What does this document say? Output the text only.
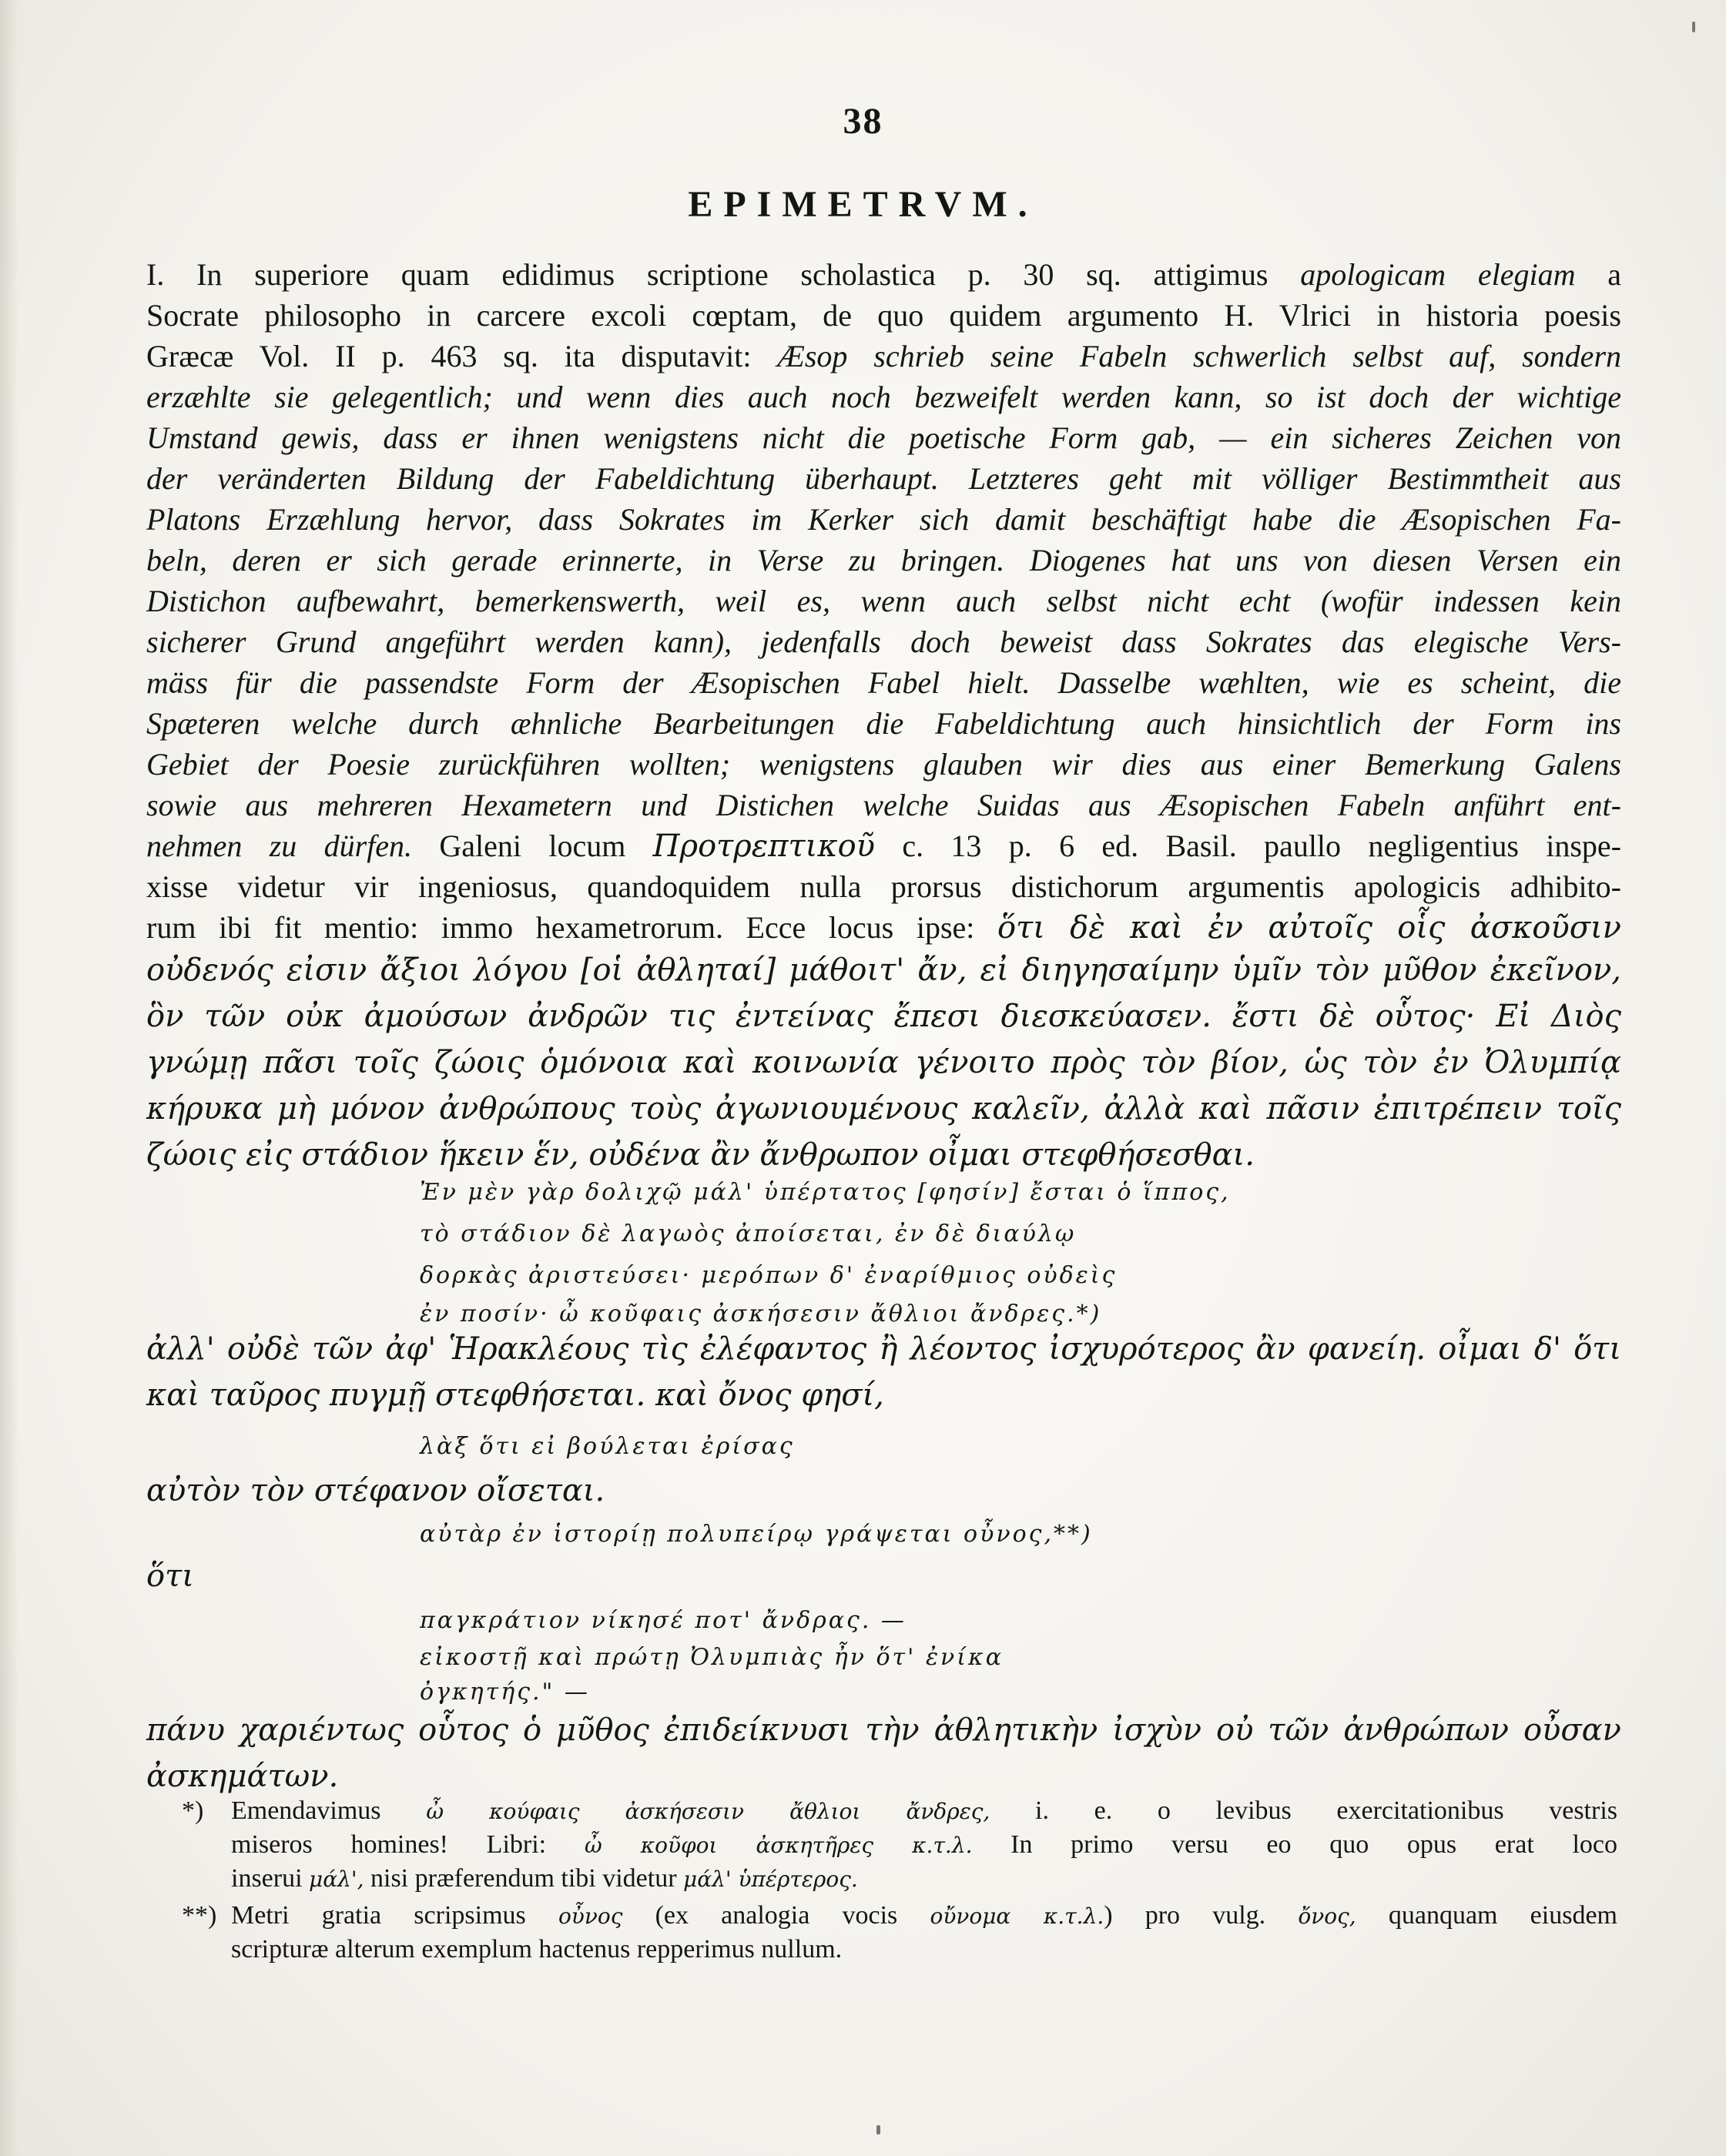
38
EPIMETRVM.
I. In superiore quam edidimus scriptione scholastica p. 30 sq. attigimus apologicam elegiam a
Socrate philosopho in carcere excoli cœptam, de quo quidem argumento H. Vlrici in historia poesis
Græcæ Vol. II p. 463 sq. ita disputavit: Æsop schrieb seine Fabeln schwerlich selbst auf, sondern
erzæhlte sie gelegentlich; und wenn dies auch noch bezweifelt werden kann, so ist doch der wichtige
Umstand gewis, dass er ihnen wenigstens nicht die poetische Form gab, — ein sicheres Zeichen von
der veränderten Bildung der Fabeldichtung überhaupt. Letzteres geht mit völliger Bestimmtheit aus
Platons Erzæhlung hervor, dass Sokrates im Kerker sich damit beschäftigt habe die Æsopischen Fa-
beln, deren er sich gerade erinnerte, in Verse zu bringen. Diogenes hat uns von diesen Versen ein
Distichon aufbewahrt, bemerkenswerth, weil es, wenn auch selbst nicht echt (wofür indessen kein
sicherer Grund angeführt werden kann), jedenfalls doch beweist dass Sokrates das elegische Vers-
mäss für die passendste Form der Æsopischen Fabel hielt. Dasselbe wæhlten, wie es scheint, die
Spæteren welche durch æhnliche Bearbeitungen die Fabeldichtung auch hinsichtlich der Form ins
Gebiet der Poesie zurückführen wollten; wenigstens glauben wir dies aus einer Bemerkung Galens
sowie aus mehreren Hexametern und Distichen welche Suidas aus Æsopischen Fabeln anführt ent-
nehmen zu dürfen. Galeni locum Προτρεπτικοῦ c. 13 p. 6 ed. Basil. paullo negligentius inspe-
xisse videtur vir ingeniosus, quandoquidem nulla prorsus distichorum argumentis apologicis adhibito-
rum ibi fit mentio: immo hexametrorum. Ecce locus ipse: ὅτι δὲ καὶ ἐν αὐτοῖς οἷς ἀσκοῦσιν
οὐδενός εἰσιν ἄξιοι λόγου [οἱ ἀθληταί] μάθοιτ' ἄν, εἰ διηγησαίμην ὑμῖν τὸν μῦθον ἐκεῖνον,
ὃν τῶν οὐκ ἀμούσων ἀνδρῶν τις ἐντείνας ἔπεσι διεσκεύασεν. ἔστι δὲ οὗτος· Εἰ Διὸς
γνώμῃ πᾶσι τοῖς ζώοις ὁμόνοια καὶ κοινωνία γένοιτο πρὸς τὸν βίον, ὡς τὸν ἐν Ὀλυμπίᾳ
κήρυκα μὴ μόνον ἀνθρώπους τοὺς ἀγωνιουμένους καλεῖν, ἀλλὰ καὶ πᾶσιν ἐπιτρέπειν τοῖς
ζώοις εἰς στάδιον ἥκειν ἕν, οὐδένα ἂν ἄνθρωπον οἶμαι στεφθήσεσθαι.
Ἐν μὲν γὰρ δολιχῷ μάλ' ὑπέρτατος [φησίν] ἔσται ὁ ἵππος,
τὸ στάδιον δὲ λαγωὸς ἀποίσεται, ἐν δὲ διαύλῳ
δορκὰς ἀριστεύσει· μερόπων δ' ἐναρίθμιος οὐδεὶς
ἐν ποσίν· ὦ κοῦφαις ἀσκήσεσιν ἄθλιοι ἄνδρες.*)
ἀλλ' οὐδὲ τῶν ἀφ' Ἡρακλέους τὶς ἐλέφαντος ἢ λέοντος ἰσχυρότερος ἂν φανείη. οἶμαι δ' ὅτι
καὶ ταῦρος πυγμῇ στεφθήσεται. καὶ ὄνος φησί,
λὰξ ὅτι εἰ βούλεται ἐρίσας
αὐτὸν τὸν στέφανον οἴσεται.
αὐτὰρ ἐν ἱστορίῃ πολυπείρῳ γράψεται οὖνος,**)
ὅτι
παγκράτιον νίκησέ ποτ' ἄνδρας. —
εἰκοστῇ καὶ πρώτῃ Ὀλυμπιὰς ἦν ὅτ' ἐνίκα
ὀγκητής." —
πάνυ χαριέντως οὗτος ὁ μῦθος ἐπιδείκνυσι τὴν ἀθλητικὴν ἰσχὺν οὐ τῶν ἀνθρώπων οὖσαν
ἀσκημάτων.
*) Emendavimus ὦ κούφαις ἀσκήσεσιν ἄθλιοι ἄνδρες, i. e. o levibus exercitationibus vestris
miseros homines! Libri: ὦ κοῦφοι ἀσκητῆρες κ.τ.λ. In primo versu eo quo opus erat loco
inserui μάλ', nisi præferendum tibi videtur μάλ' ὑπέρτερος.
**) Metri gratia scripsimus οὖνος (ex analogia vocis οὔνομα κ.τ.λ.) pro vulg. ὄνος, quanquam eiusdem
scripturæ alterum exemplum hactenus repperimus nullum.
